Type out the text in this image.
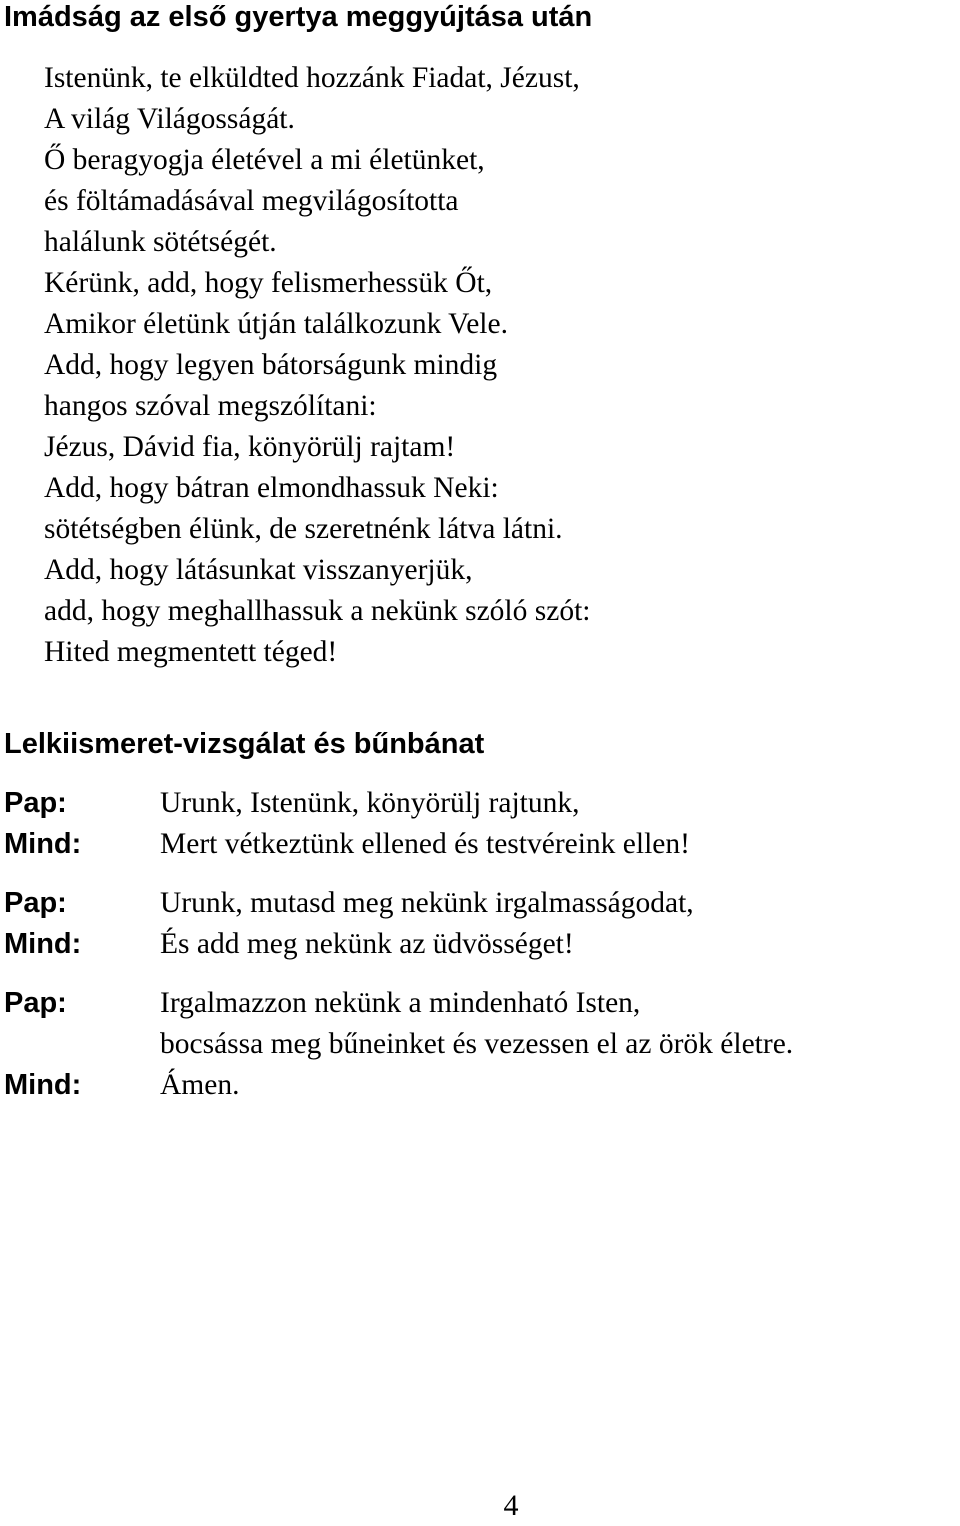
Imádság az első gyertya meggyújtása után
Istenünk, te elküldted hozzánk Fiadat, Jézust,
A világ Világosságát.
Ő beragyogja életével a mi életünket,
és föltámadásával megvilágosította
halálunk sötétségét.
Kérünk, add, hogy felismerhessük Őt,
Amikor életünk útján találkozunk Vele.
Add, hogy legyen bátorságunk mindig
hangos szóval megszólítani:
Jézus, Dávid fia, könyörülj rajtam!
Add, hogy bátran elmondhassuk Neki:
sötétségben élünk, de szeretnénk látva látni.
Add, hogy látásunkat visszanyerjük,
add, hogy meghallhassuk a nekünk szóló szót:
Hited megmentett téged!
Lelkiismeret-vizsgálat és bűnbánat
Pap:	Urunk, Istenünk, könyörülj rajtunk,
Mind:	Mert vétkeztünk ellened és testvéreink ellen!
Pap:	Urunk, mutasd meg nekünk irgalmasságodat,
Mind:	És add meg nekünk az üdvösséget!
Pap:	Irgalmazzon nekünk a mindenható Isten,
bocsássa meg bűneinket és vezessen el az örök életre.
Mind:	Ámen.
4
